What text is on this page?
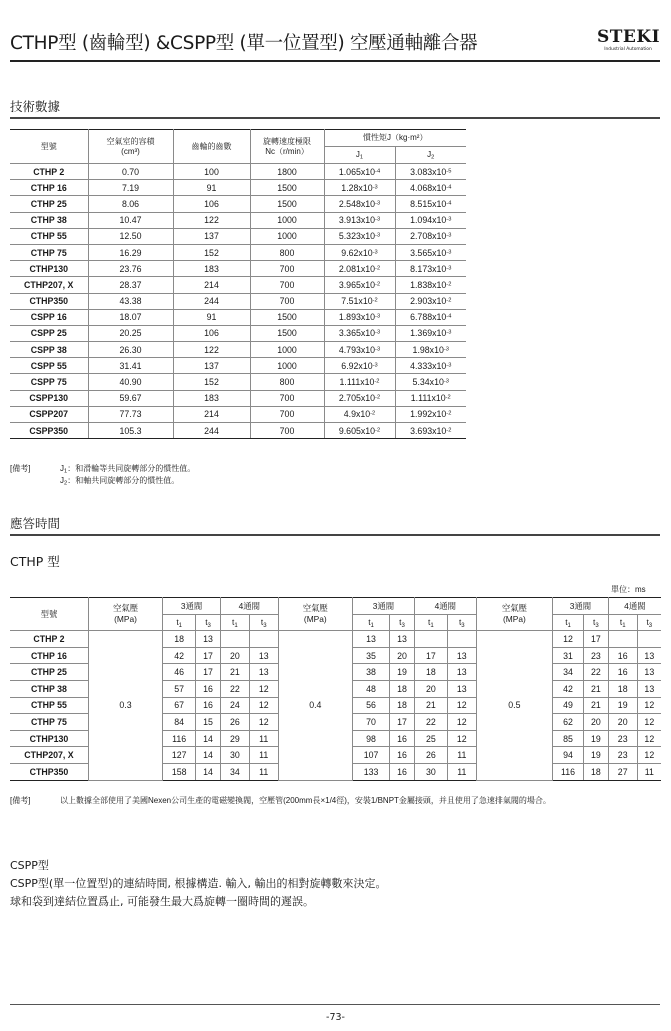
CTHP型 (齒輪型) &CSPP型 (單一位置型) 空壓通軸離合器	STEKI
Industrial Automation
技術數據
型號	空氣室的容積
(cm³)	齒輪的齒數	旋轉速度極限
Nc（r/min）	慣性矩J（kg·m²）	
				$J_1$	$J_2$
CTHP 2	0.70	100	1800	$1.065x10^{-4}$	$3.083x10^{-5}$
CTHP 16	7.19	91	1500	$1.28x10^{-3}$	$4.068x10^{-4}$
CTHP 25	8.06	106	1500	$2.548x10^{-3}$	$8.515x10^{-4}$
CTHP 38	10.47	122	1000	$3.913x10^{-3}$	$1.094x10^{-3}$
CTHP 55	12.50	137	1000	$5.323x10^{-3}$	$2.708x10^{-3}$
CTHP 75	16.29	152	800	$9.62x10^{-3}$	$3.565x10^{-3}$
CTHP130	23.76	183	700	$2.081x10^{-2}$	$8.173x10^{-3}$
CTHP207, X	28.37	214	700	$3.965x10^{-2}$	$1.838x10^{-2}$
CTHP350	43.38	244	700	$7.51x10^{-2}$	$2.903x10^{-2}$
CSPP 16	18.07	91	1500	$1.893x10^{-3}$	$6.788x10^{-4}$
CSPP 25	20.25	106	1500	$3.365x10^{-3}$	$1.369x10^{-3}$
CSPP 38	26.30	122	1000	$4.793x10^{-3}$	$1.98x10^{-3}$
CSPP 55	31.41	137	1000	$6.92x10^{-3}$	$4.333x10^{-3}$
CSPP 75	40.90	152	800	$1.111x10^{-2}$	$5.34x10^{-3}$
CSPP130	59.67	183	700	$2.705x10^{-2}$	$1.111x10^{-2}$
CSPP207	77.73	214	700	$4.9x10^{-2}$	$1.992x10^{-2}$
CSPP350	105.3	244	700	$9.605x10^{-2}$	$3.693x10^{-2}$
[備考]	$J_1$：和滑輪等共同旋轉部分的慣性值。
$J_2$：和軸共同旋轉部分的慣性值。
應答時間
CTHP 型
單位：ms
型號	空氣壓
(MPa)	3通閥		4通閥		空氣壓
(MPa)	3通閥		4通閥		空氣壓
(MPa)	3通閥		4通閥	
		$t_1$	$t_3$	$t_1$	$t_3$		$t_1$	$t_3$	$t_1$	$t_3$		$t_1$	$t_3$	$t_1$	$t_3$
CTHP 2	0.3	18	13			0.4	13	13			0.5	12	17		
CTHP 16		42	17	20	13		35	20	17	13		31	23	16	13
CTHP 25		46	17	21	13		38	19	18	13		34	22	16	13
CTHP 38		57	16	22	12		48	18	20	13		42	21	18	13
CTHP 55		67	16	24	12		56	18	21	12		49	21	19	12
CTHP 75		84	15	26	12		70	17	22	12		62	20	20	12
CTHP130		116	14	29	11		98	16	25	12		85	19	23	12
CTHP207, X		127	14	30	11		107	16	26	11		94	19	23	12
CTHP350		158	14	34	11		133	16	30	11		116	18	27	11
[備考]	以上數據全部使用了美國Nexen公司生產的電磁變換閥，空壓管(200mm長×1/4徑)，安裝1/BNPT金屬接頭，并且使用了急速排氣閥的場合。
CSPP型
CSPP型(單一位置型)的連結時間, 根據構造. 輸入, 輸出的相對旋轉數來決定。
球和袋到達結位置爲止, 可能發生最大爲旋轉一圈時間的遲誤。
-73-
